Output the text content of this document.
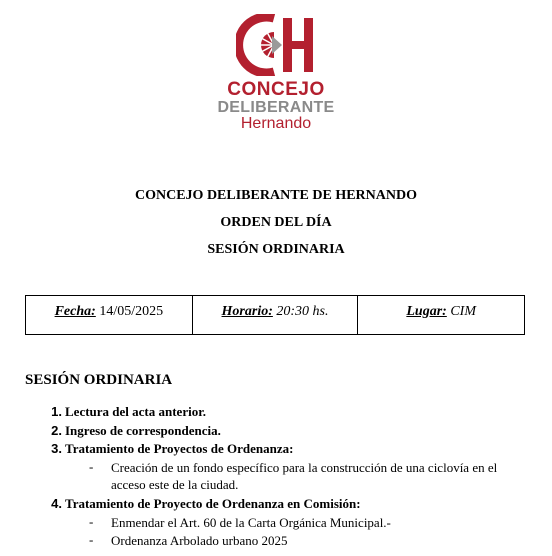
CONCEJO
DELIBERANTE
Hernando
CONCEJO DELIBERANTE DE HERNANDO
ORDEN DEL DÍA
SESIÓN ORDINARIA
Fecha: 14/05/2025	Horario: 20:30 hs.	Lugar: CIM
SESIÓN ORDINARIA
1. Lectura del acta anterior.
2. Ingreso de correspondencia.
3. Tratamiento de Proyectos de Ordenanza:
- Creación de un fondo específico para la construcción de una ciclovía en el acceso este de la ciudad.
4. Tratamiento de Proyecto de Ordenanza en Comisión:
- Enmendar el Art. 60 de la Carta Orgánica Municipal.-
- Ordenanza Arbolado urbano 2025
